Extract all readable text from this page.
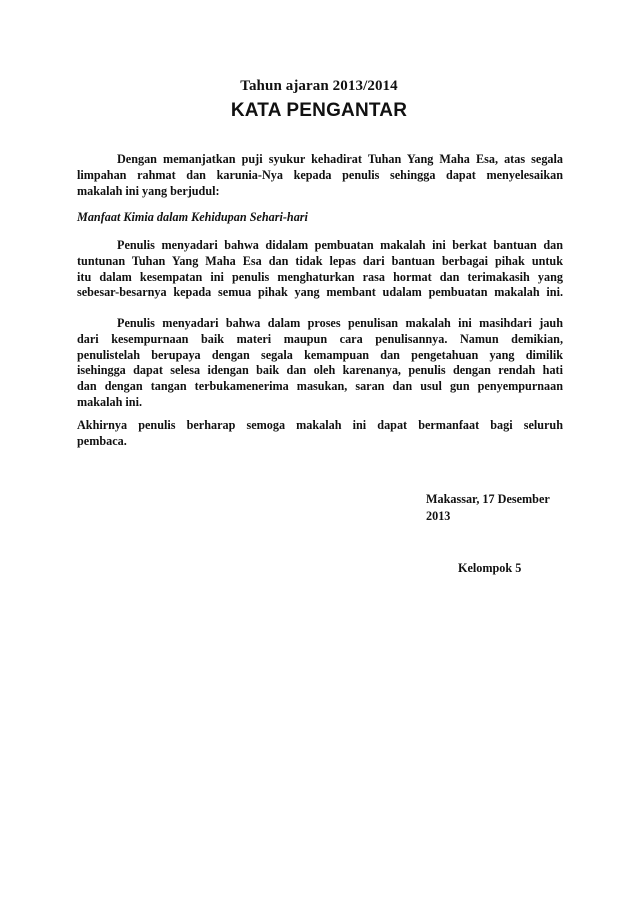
Tahun ajaran 2013/2014
KATA PENGANTAR
Dengan memanjatkan puji syukur kehadirat Tuhan Yang Maha Esa, atas segala
limpahan rahmat dan karunia-Nya kepada penulis sehingga dapat menyelesaikan
makalah ini yang berjudul:
Manfaat Kimia dalam Kehidupan Sehari-hari
Penulis menyadari bahwa didalam pembuatan makalah ini berkat bantuan dan
tuntunan Tuhan Yang Maha Esa dan tidak lepas dari bantuan berbagai pihak untuk
itu dalam kesempatan ini penulis menghaturkan rasa hormat dan terimakasih yang
sebesar-besarnya kepada semua pihak yang membant udalam pembuatan makalah ini.
Penulis menyadari bahwa dalam proses penulisan makalah ini masihdari jauh
dari kesempurnaan baik materi maupun cara penulisannya. Namun demikian,
penulistelah berupaya dengan segala kemampuan dan pengetahuan yang dimilik
isehingga dapat selesa idengan baik dan oleh karenanya, penulis dengan rendah hati
dan dengan tangan terbukamenerima masukan, saran dan usul gun penyempurnaan
makalah ini.
Akhirnya penulis berharap semoga makalah ini dapat bermanfaat bagi seluruh
pembaca.
Makassar, 17 Desember
2013
Kelompok 5
